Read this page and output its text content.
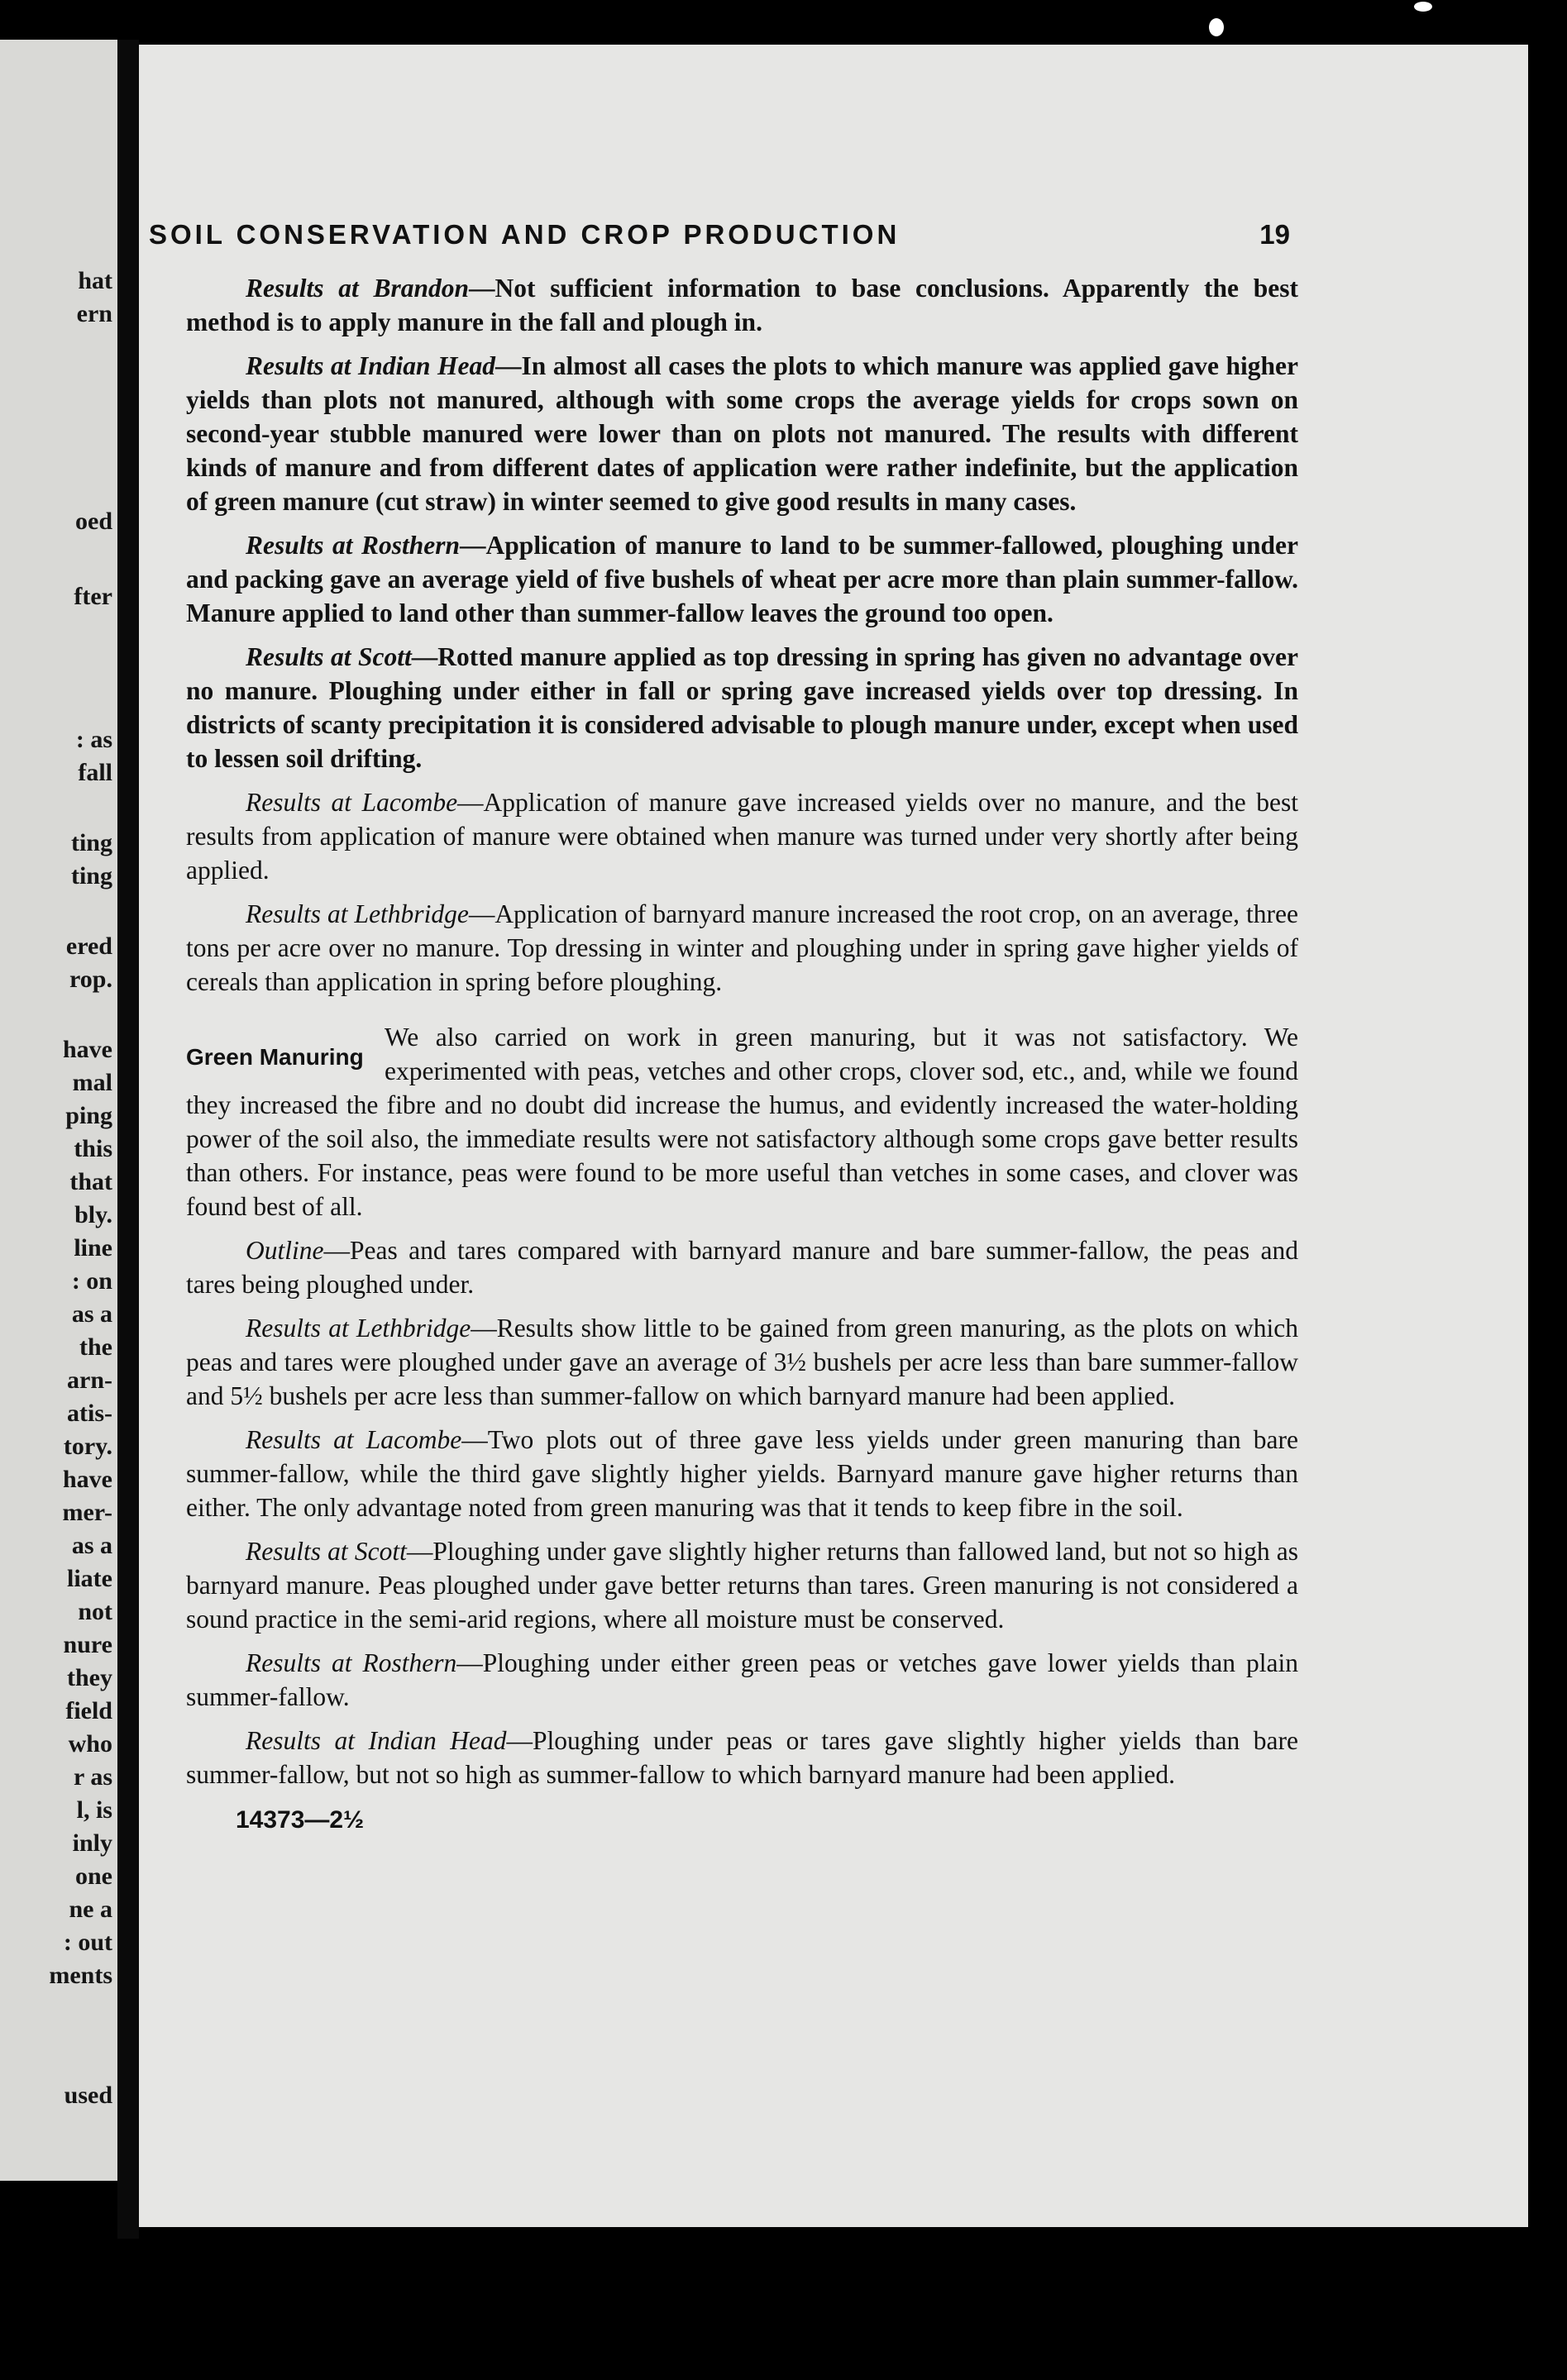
hat
ern
oed
fter
: as
fall
ting
ting
ered
rop.
have
mal
ping
this
that
bly.
line
: on
as a
the
arn-
atis-
tory.
have
mer-
as a
liate
not
nure
they
field
who
r as
l, is
inly
one
ne a
: out
ments
used
SOIL CONSERVATION AND CROP PRODUCTION	19

Results at Brandon—Not sufficient information to base conclusions. Apparently the best method is to apply manure in the fall and plough in.

Results at Indian Head—In almost all cases the plots to which manure was applied gave higher yields than plots not manured, although with some crops the average yields for crops sown on second-year stubble manured were lower than on plots not manured. The results with different kinds of manure and from different dates of application were rather indefinite, but the application of green manure (cut straw) in winter seemed to give good results in many cases.

Results at Rosthern—Application of manure to land to be summer-fallowed, ploughing under and packing gave an average yield of five bushels of wheat per acre more than plain summer-fallow. Manure applied to land other than summer-fallow leaves the ground too open.

Results at Scott—Rotted manure applied as top dressing in spring has given no advantage over no manure. Ploughing under either in fall or spring gave increased yields over top dressing. In districts of scanty precipitation it is considered advisable to plough manure under, except when used to lessen soil drifting.

Results at Lacombe—Application of manure gave increased yields over no manure, and the best results from application of manure were obtained when manure was turned under very shortly after being applied.

Results at Lethbridge—Application of barnyard manure increased the root crop, on an average, three tons per acre over no manure. Top dressing in winter and ploughing under in spring gave higher yields of cereals than application in spring before ploughing.

Green Manuring

We also carried on work in green manuring, but it was not satisfactory. We experimented with peas, vetches and other crops, clover sod, etc., and, while we found they increased the fibre and no doubt did increase the humus, and evidently increased the water-holding power of the soil also, the immediate results were not satisfactory although some crops gave better results than others. For instance, peas were found to be more useful than vetches in some cases, and clover was found best of all.

Outline—Peas and tares compared with barnyard manure and bare summer-fallow, the peas and tares being ploughed under.

Results at Lethbridge—Results show little to be gained from green manuring, as the plots on which peas and tares were ploughed under gave an average of 3½ bushels per acre less than bare summer-fallow and 5½ bushels per acre less than summer-fallow on which barnyard manure had been applied.

Results at Lacombe—Two plots out of three gave less yields under green manuring than bare summer-fallow, while the third gave slightly higher yields. Barnyard manure gave higher returns than either. The only advantage noted from green manuring was that it tends to keep fibre in the soil.

Results at Scott—Ploughing under gave slightly higher returns than fallowed land, but not so high as barnyard manure. Peas ploughed under gave better returns than tares. Green manuring is not considered a sound practice in the semi-arid regions, where all moisture must be conserved.

Results at Rosthern—Ploughing under either green peas or vetches gave lower yields than plain summer-fallow.

Results at Indian Head—Ploughing under peas or tares gave slightly higher yields than bare summer-fallow, but not so high as summer-fallow to which barnyard manure had been applied.

14373—2½
